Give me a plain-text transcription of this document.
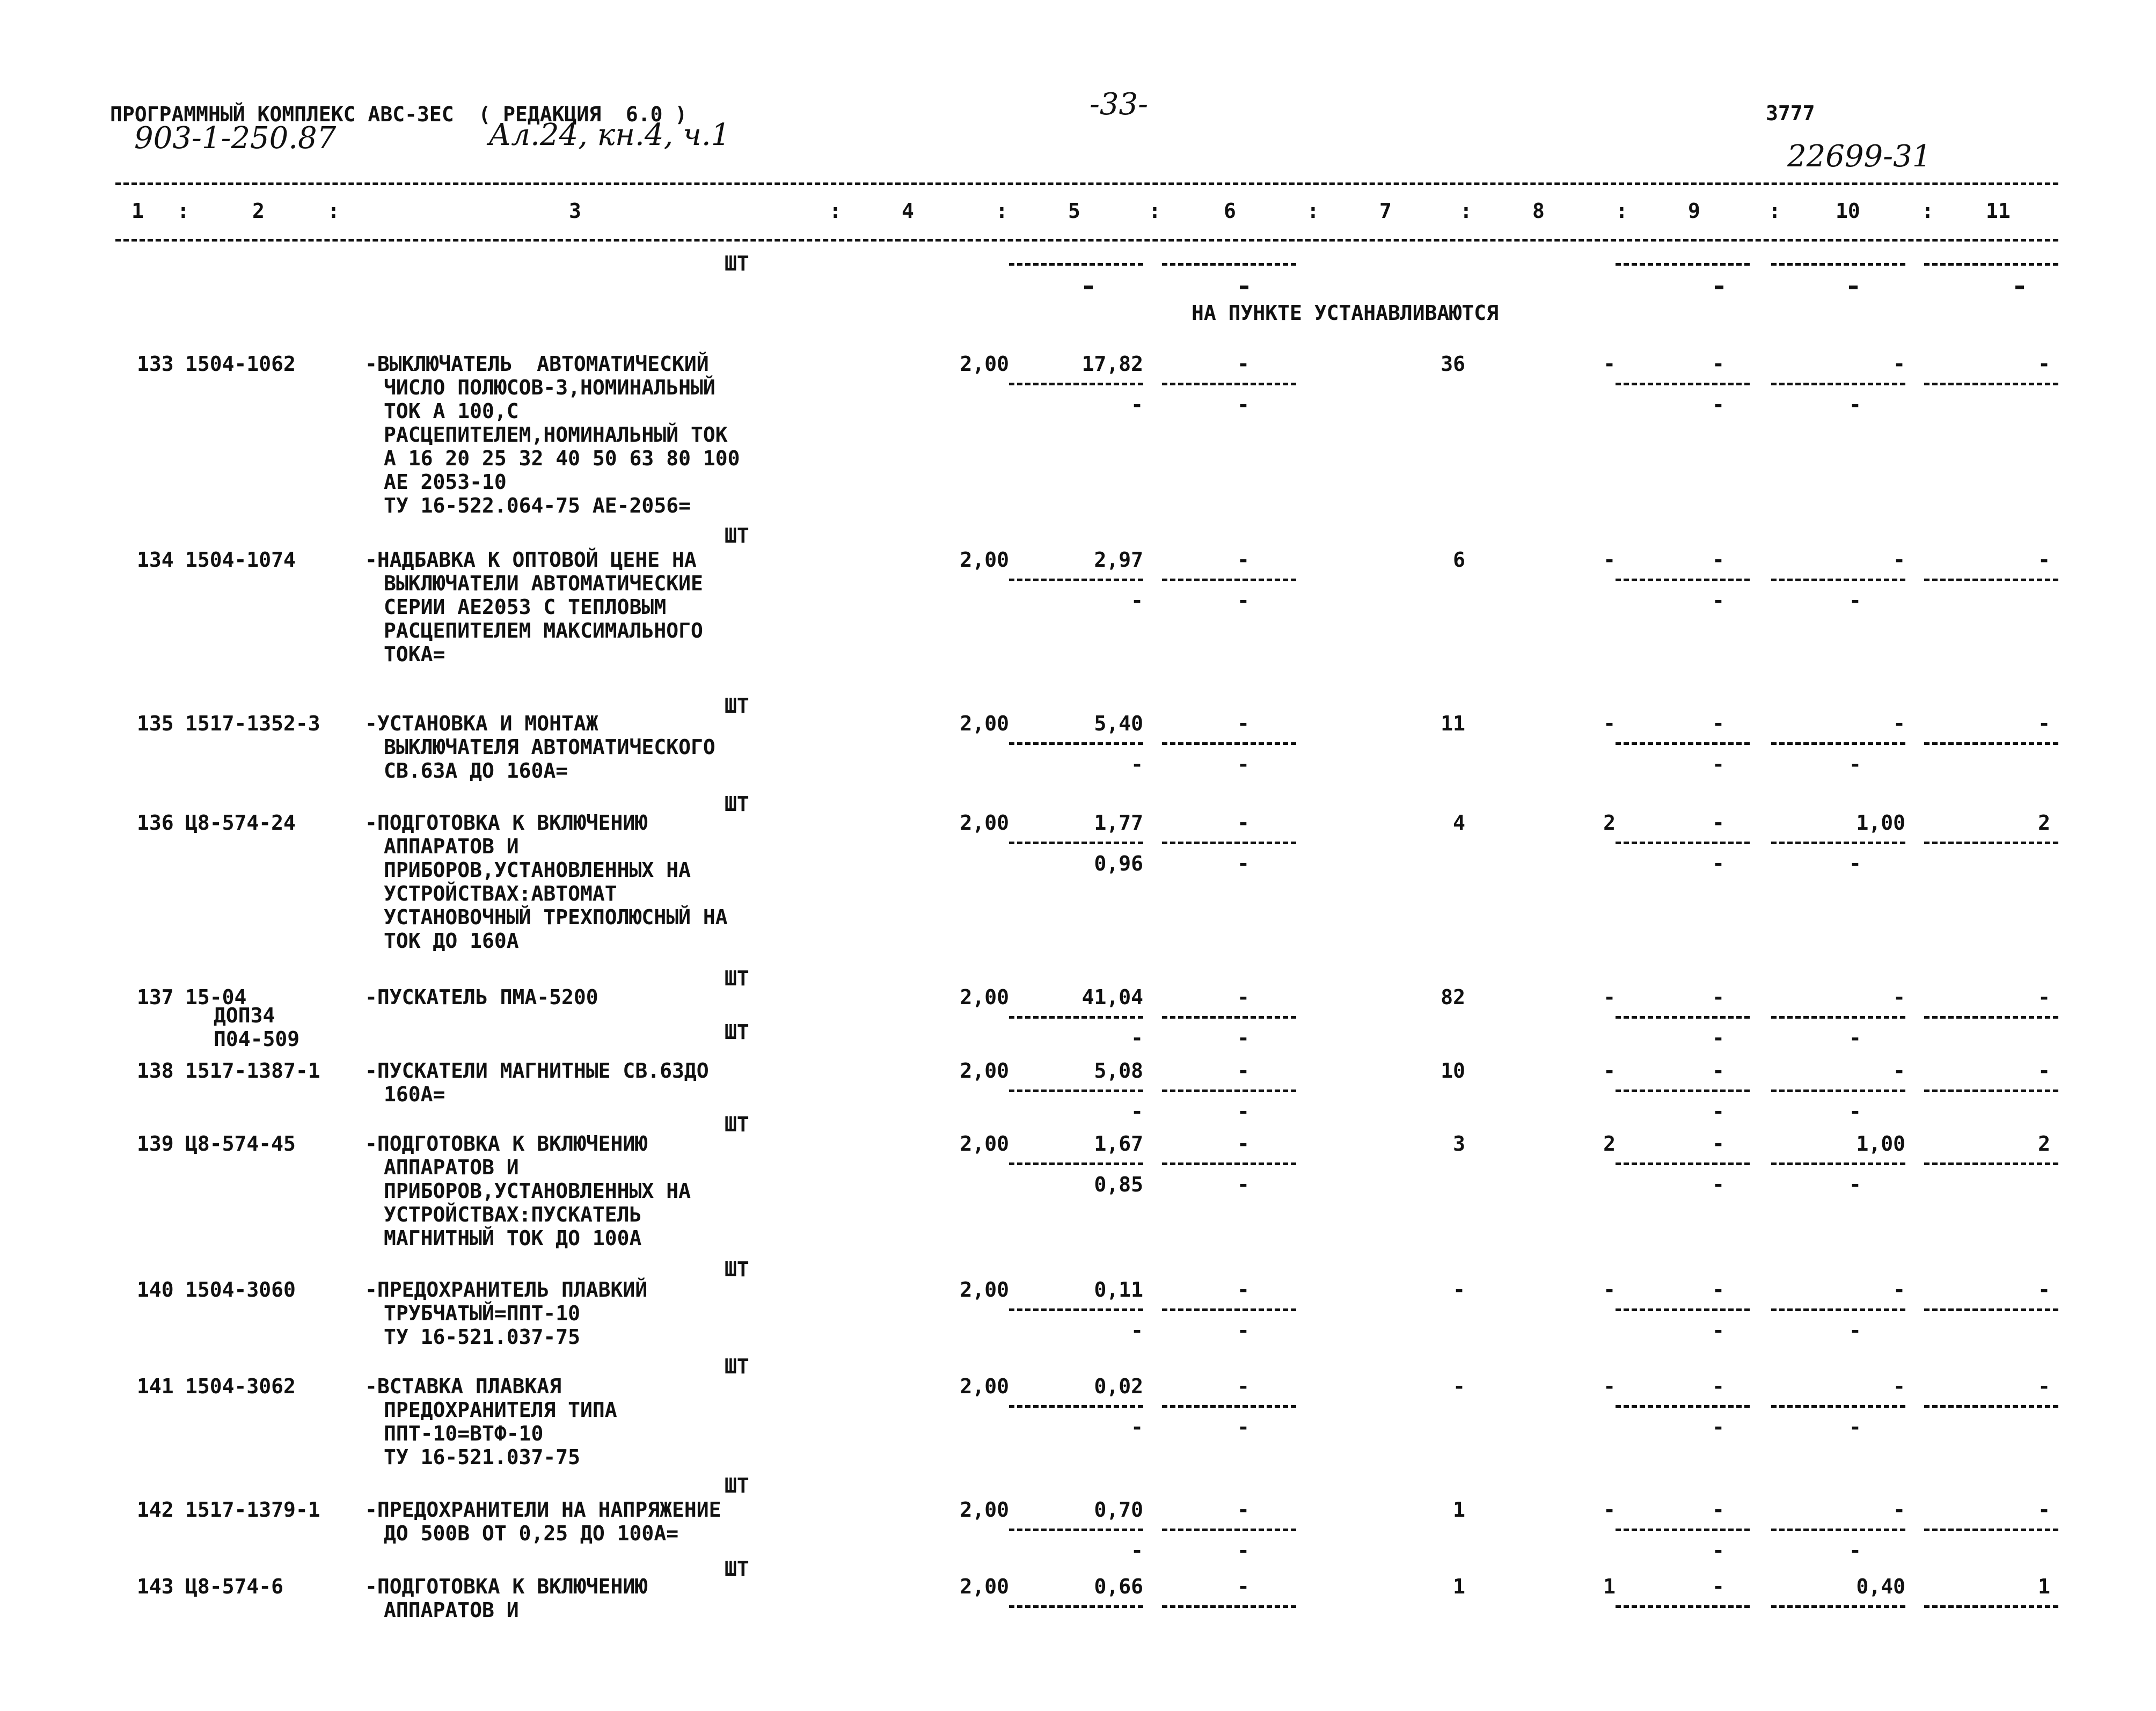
ПРОГРАММНЫЙ КОМПЛЕКС АВС-3ЕС  ( РЕДАКЦИЯ  6.0 )
903-1-250.87	Ал.24, кн.4, ч.1
-33-	3777
22699-31
1 :	2	:	3	:	4	:	5	:	6	:	7	:	8	:	9	:	10	:	11
ШТ
НА ПУНКТЕ УСТАНАВЛИВАЮТСЯ
133 1504-1062	-ВЫКЛЮЧАТЕЛЬ  АВТОМАТИЧЕСКИЙ
ЧИСЛО ПОЛЮСОВ-3,НОМИНАЛЬНЫЙ
ТОК А 100,С
РАСЦЕПИТЕЛЕМ,НОМИНАЛЬНЫЙ ТОК
А 16 20 25 32 40 50 63 80 100
АЕ 2053-10
ТУ 16-522.064-75 АЕ-2056=
ШТ
2,00	17,82	-	36	-	-	-	-
-	-	-	-
134 1504-1074	-НАДБАВКА К ОПТОВОЙ ЦЕНЕ НА
ВЫКЛЮЧАТЕЛИ АВТОМАТИЧЕСКИЕ
СЕРИИ АЕ2053 С ТЕПЛОВЫМ
РАСЦЕПИТЕЛЕМ МАКСИМАЛЬНОГО
ТОКА=
ШТ
2,00	2,97	-	6	-	-	-	-
-	-	-	-
135 1517-1352-3 -УСТАНОВКА И МОНТАЖ
ВЫКЛЮЧАТЕЛЯ АВТОМАТИЧЕСКОГО
СВ.63А ДО 160А=
ШТ
2,00	5,40	-	11	-	-	-	-
-	-	-	-
136 Ц8-574-24	-ПОДГОТОВКА К ВКЛЮЧЕНИЮ
АППАРАТОВ И
ПРИБОРОВ,УСТАНОВЛЕННЫХ НА
УСТРОЙСТВАХ:АВТОМАТ
УСТАНОВОЧНЫЙ ТРЕХПОЛЮСНЫЙ НА
ТОК ДО 160А
ШТ
2,00	1,77	-	4	2	-	1,00	2
0,96	-	-	-
137 15-04
ДОП34
П04-509
-ПУСКАТЕЛЬ ПМА-5200
ШТ
2,00	41,04	-	82	-	-	-	-
-	-	-	-
138 1517-1387-1 -ПУСКАТЕЛИ МАГНИТНЫЕ СВ.63ДО
160А=
ШТ
2,00	5,08	-	10	-	-	-	-
-	-	-	-
139 Ц8-574-45	-ПОДГОТОВКА К ВКЛЮЧЕНИЮ
АППАРАТОВ И
ПРИБОРОВ,УСТАНОВЛЕННЫХ НА
УСТРОЙСТВАХ:ПУСКАТЕЛЬ
МАГНИТНЫЙ ТОК ДО 100А
ШТ
2,00	1,67	-	3	2	-	1,00	2
0,85	-	-	-
140 1504-3060	-ПРЕДОХРАНИТЕЛЬ ПЛАВКИЙ
ТРУБЧАТЫЙ=ППТ-10
ТУ 16-521.037-75
ШТ
2,00	0,11	-	-	-	-	-	-
-	-	-	-
141 1504-3062	-ВСТАВКА ПЛАВКАЯ
ПРЕДОХРАНИТЕЛЯ ТИПА
ППТ-10=ВТФ-10
ТУ 16-521.037-75
ШТ
2,00	0,02	-	-	-	-	-	-
-	-	-	-
142 1517-1379-1 -ПРЕДОХРАНИТЕЛИ НА НАПРЯЖЕНИЕ
ДО 500В ОТ 0,25 ДО 100А=
ШТ
2,00	0,70	-	1	-	-	-	-
-	-	-	-
143 Ц8-574-6	-ПОДГОТОВКА К ВКЛЮЧЕНИЮ
АППАРАТОВ И
2,00	0,66	-	1	1	-	0,40	1
